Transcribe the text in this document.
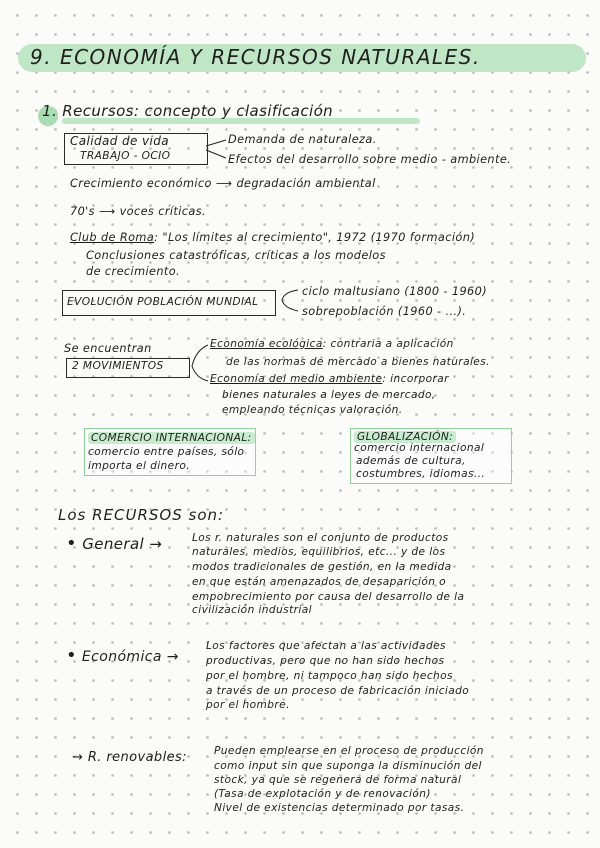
9. ECONOMÍA Y RECURSOS NATURALES.
1. Recursos: concepto y clasificación
Calidad de vida
TRABAJO - OCIO
Demanda de naturaleza.
Efectos del desarrollo sobre medio - ambiente.
Crecimiento económico ⟶ degradación ambiental
70's ⟶ voces críticas.
Club de Roma: "Los límites al crecimiento", 1972 (1970 formación)
Conclusiones catastróficas, críticas a los modelos
de crecimiento.
EVOLUCIÓN POBLACIÓN MUNDIAL
ciclo maltusiano (1800 - 1960)
sobrepoblación (1960 - ...).
Se encuentran
2 MOVIMIENTOS
Economía ecológica: contraria a aplicación
de las normas de mercado a bienes naturales.
Economía del medio ambiente: incorporar
bienes naturales a leyes de mercado,
empleando técnicas valoración.
COMERCIO INTERNACIONAL:
comercio entre países, sólo
importa el dinero.
GLOBALIZACIÓN:
comercio internacional
además de cultura,
costumbres, idiomas...
Los RECURSOS son:
• General →	Los r. naturales son el conjunto de productos
naturales, medios, equilibrios, etc... y de los
modos tradicionales de gestión, en la medida
en que están amenazados de desaparición o
empobrecimiento por causa del desarrollo de la
civilización industrial
• Económica →
Los factores que afectan a las actividades
productivas, pero que no han sido hechos
por el hombre, ni tampoco han sido hechos
a través de un proceso de fabricación iniciado
por el hombre.
→ R. renovables:	Pueden emplearse en el proceso de producción
como input sin que suponga la disminución del
stock, ya que se regenera de forma natural
(Tasa de explotación y de renovación)
Nivel de existencias determinado por tasas.
